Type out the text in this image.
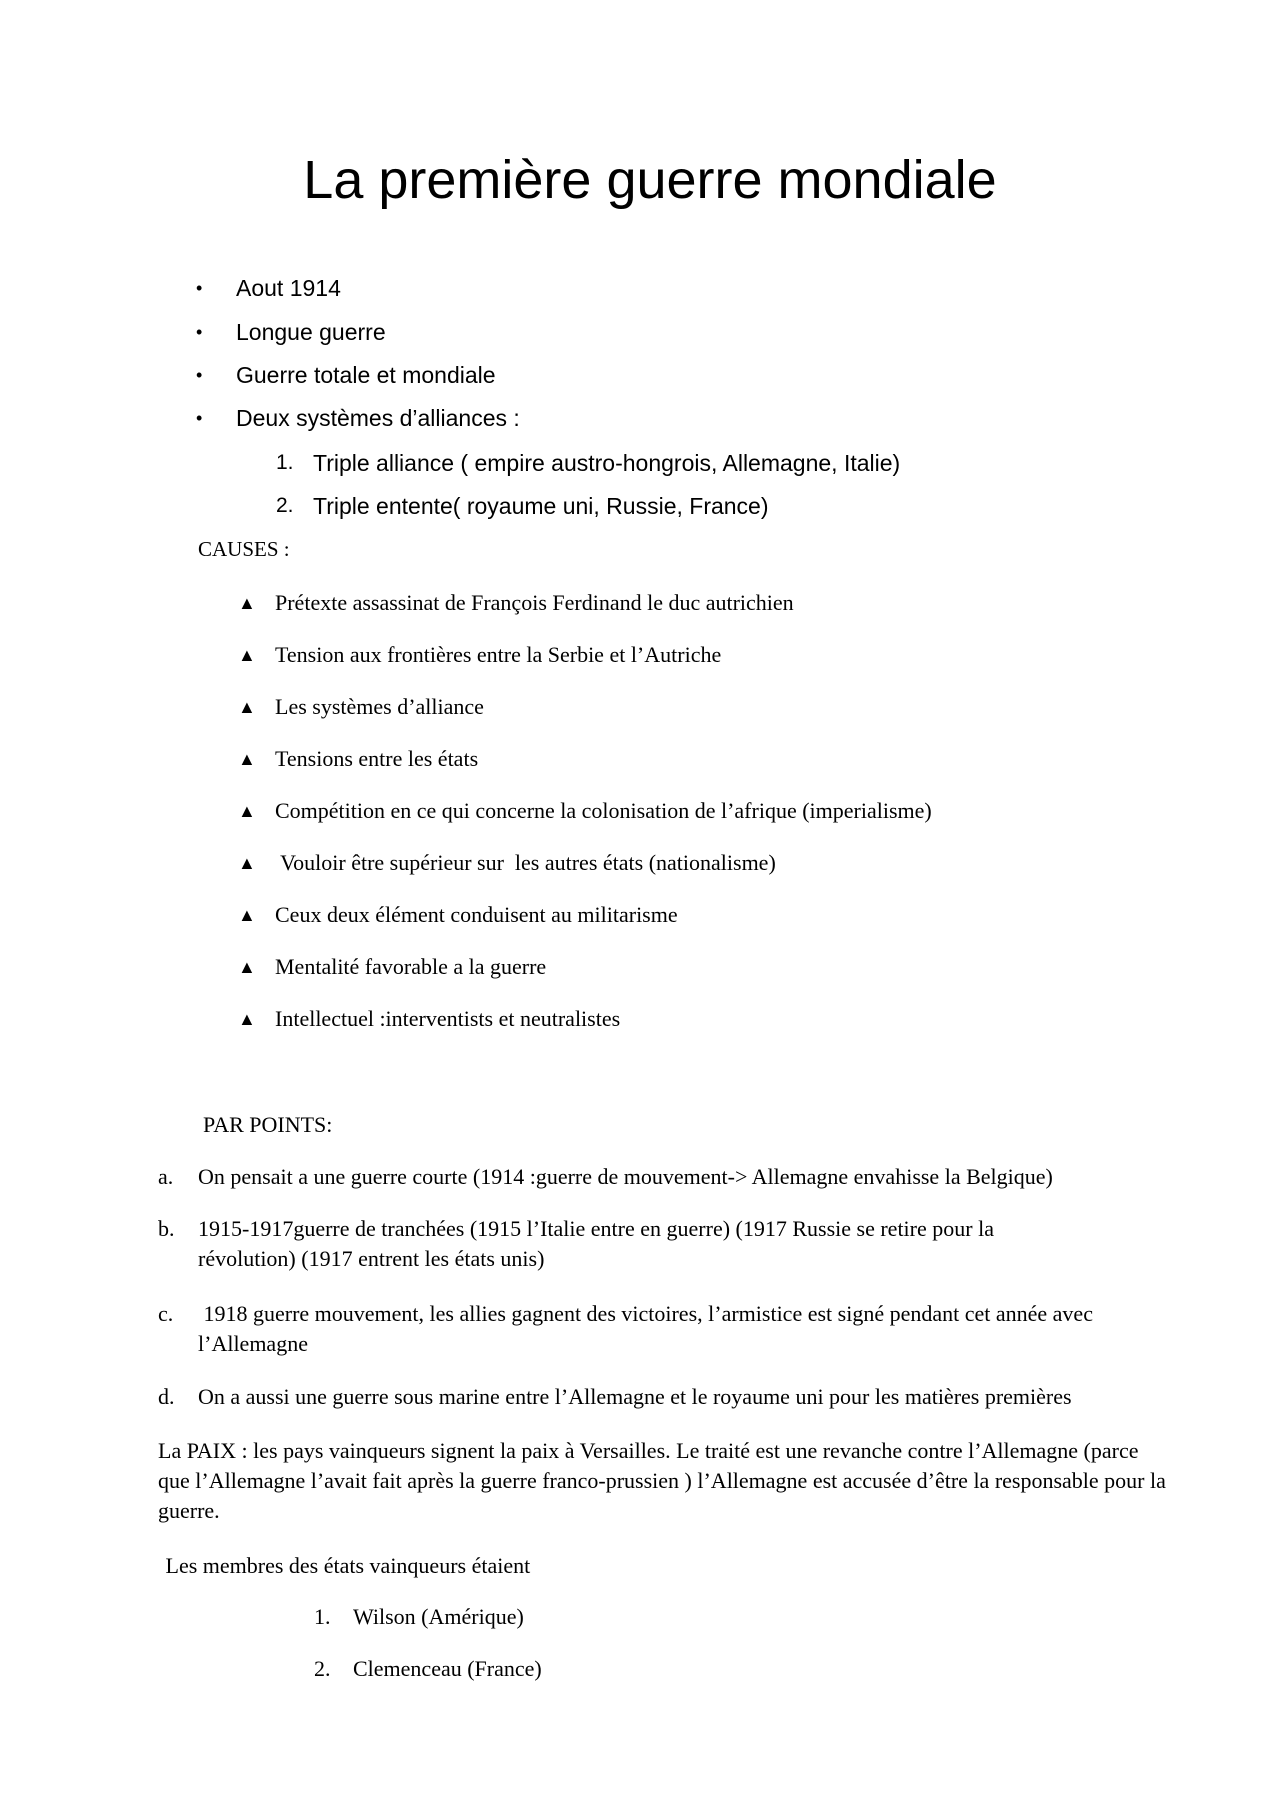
La première guerre mondiale
• Aout 1914
• Longue guerre
• Guerre totale et mondiale
• Deux systèmes d’alliances :
1. Triple alliance ( empire austro-hongrois, Allemagne, Italie)
2. Triple entente( royaume uni, Russie, France)
CAUSES :
▲ Prétexte assassinat de François Ferdinand le duc autrichien
▲ Tension aux frontières entre la Serbie et l’Autriche
▲ Les systèmes d’alliance
▲ Tensions entre les états
▲ Compétition en ce qui concerne la colonisation de l’afrique (imperialisme)
▲ Vouloir être supérieur sur  les autres états (nationalisme)
▲ Ceux deux élément conduisent au militarisme
▲ Mentalité favorable a la guerre
▲ Intellectuel :interventists et neutralistes
PAR POINTS:
a. On pensait a une guerre courte (1914 :guerre de mouvement-> Allemagne envahisse la Belgique)
b. 1915-1917guerre de tranchées (1915 l’Italie entre en guerre) (1917 Russie se retire pour la révolution) (1917 entrent les états unis)
c. 1918 guerre mouvement, les allies gagnent des victoires, l’armistice est signé pendant cet année avec l’Allemagne
d. On a aussi une guerre sous marine entre l’Allemagne et le royaume uni pour les matières premières
La PAIX : les pays vainqueurs signent la paix à Versailles. Le traité est une revanche contre l’Allemagne (parce que l’Allemagne l’avait fait après la guerre franco-prussien ) l’Allemagne est accusée d’être la responsable pour la guerre.
Les membres des états vainqueurs étaient
1. Wilson (Amérique)
2. Clemenceau (France)
